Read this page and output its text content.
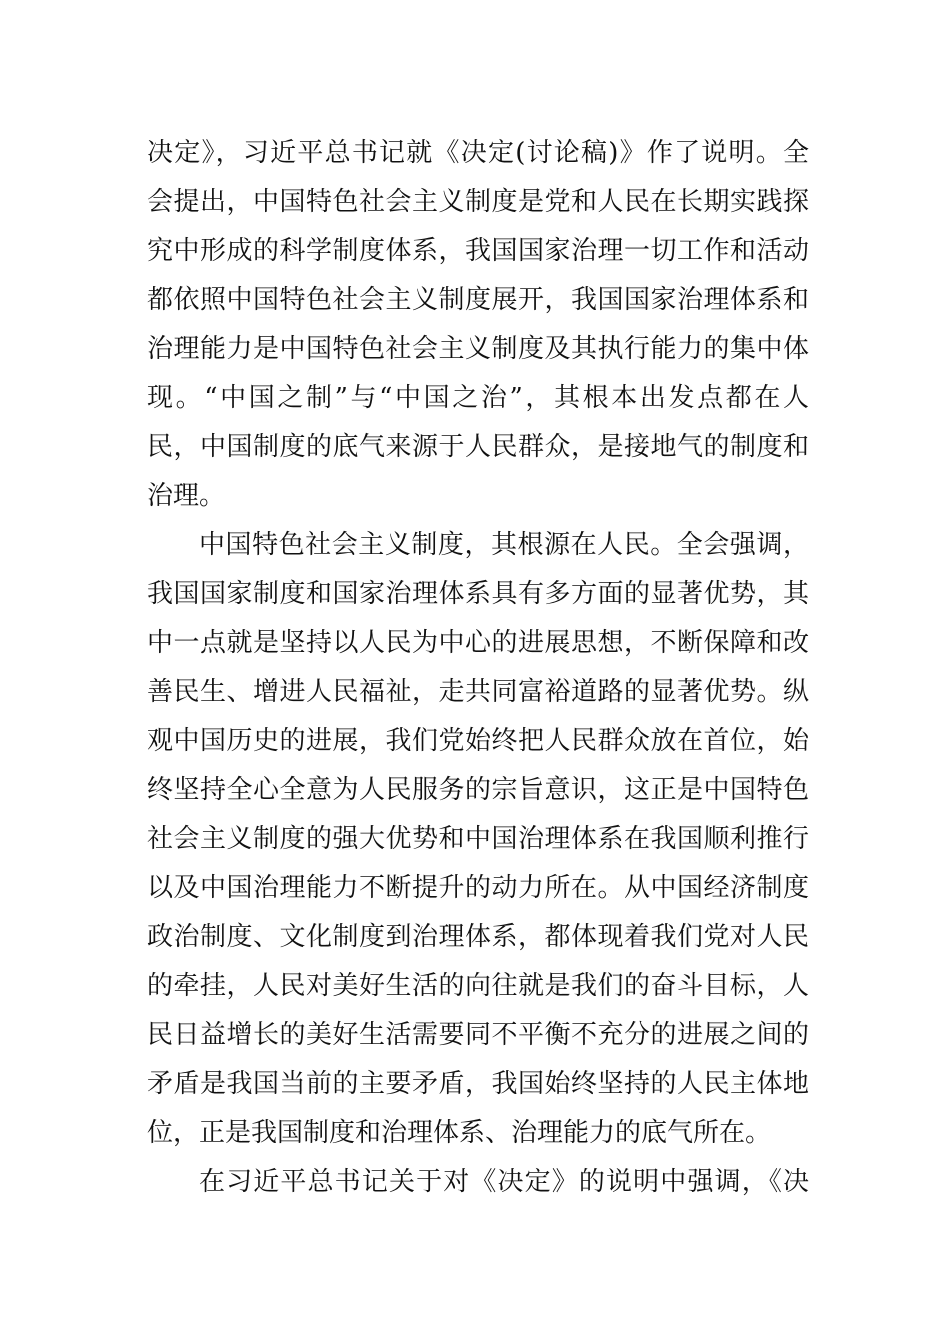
决定》，习近平总书记就《决定(讨论稿)》作了说明。全
会提出，中国特色社会主义制度是党和人民在长期实践探
究中形成的科学制度体系，我国国家治理一切工作和活动
都依照中国特色社会主义制度展开，我国国家治理体系和
治理能力是中国特色社会主义制度及其执行能力的集中体
现。“中国之制”与“中国之治”，其根本出发点都在人
民，中国制度的底气来源于人民群众，是接地气的制度和
治理。
中国特色社会主义制度，其根源在人民。全会强调，
我国国家制度和国家治理体系具有多方面的显著优势，其
中一点就是坚持以人民为中心的进展思想，不断保障和改
善民生、增进人民福祉，走共同富裕道路的显著优势。纵
观中国历史的进展，我们党始终把人民群众放在首位，始
终坚持全心全意为人民服务的宗旨意识，这正是中国特色
社会主义制度的强大优势和中国治理体系在我国顺利推行
以及中国治理能力不断提升的动力所在。从中国经济制度
政治制度、文化制度到治理体系，都体现着我们党对人民
的牵挂，人民对美好生活的向往就是我们的奋斗目标，人
民日益增长的美好生活需要同不平衡不充分的进展之间的
矛盾是我国当前的主要矛盾，我国始终坚持的人民主体地
位，正是我国制度和治理体系、治理能力的底气所在。
在习近平总书记关于对《决定》的说明中强调，《决
